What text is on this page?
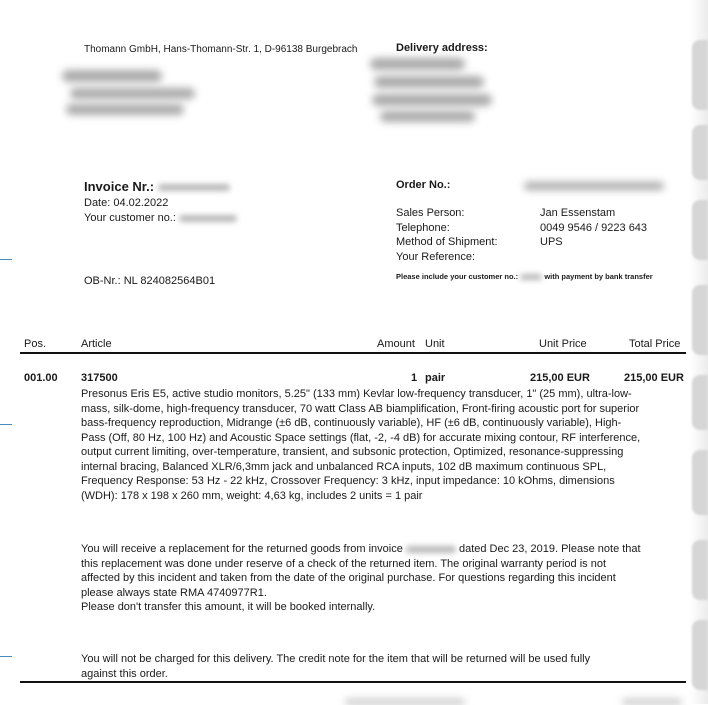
Thomann GmbH, Hans-Thomann-Str. 1, D-96138 Burgebrach	Delivery address:
Invoice Nr.:
Date: 04.02.2022
Your customer no.:
OB-Nr.: NL 824082564B01
Order No.:
Sales Person:	Jan Essenstam
Telephone:	0049 9546 / 9223 643
Method of Shipment:	UPS
Your Reference:
Please include your customer no.:	with payment by bank transfer
Pos.	Article	Amount Unit	Unit Price	Total Price
001.00 317500	1 pair	215,00 EUR	215,00 EUR
Presonus Eris E5, active studio monitors, 5.25" (133 mm) Kevlar low-frequency transducer, 1" (25 mm), ultra-low-mass, silk-dome, high-frequency transducer, 70 watt Class AB biamplification, Front-firing acoustic port for superior bass-frequency reproduction, Midrange (±6 dB, continuously variable), HF (±6 dB, continuously variable), High-Pass (Off, 80 Hz, 100 Hz) and Acoustic Space settings (flat, -2, -4 dB) for accurate mixing contour, RF interference, output current limiting, over-temperature, transient, and subsonic protection, Optimized, resonance-suppressing internal bracing, Balanced XLR/6,3mm jack and unbalanced RCA inputs, 102 dB maximum continuous SPL, Frequency Response: 53 Hz - 22 kHz, Crossover Frequency: 3 kHz, input impedance: 10 kOhms, dimensions (WDH): 178 x 198 x 260 mm, weight: 4,63 kg, includes 2 units = 1 pair
You will receive a replacement for the returned goods from invoice	dated Dec 23, 2019. Please note that this replacement was done under reserve of a check of the returned item. The original warranty period is not affected by this incident and taken from the date of the original purchase. For questions regarding this incident please always state RMA 4740977R1.
Please don't transfer this amount, it will be booked internally.
You will not be charged for this delivery. The credit note for the item that will be returned will be used fully against this order.
